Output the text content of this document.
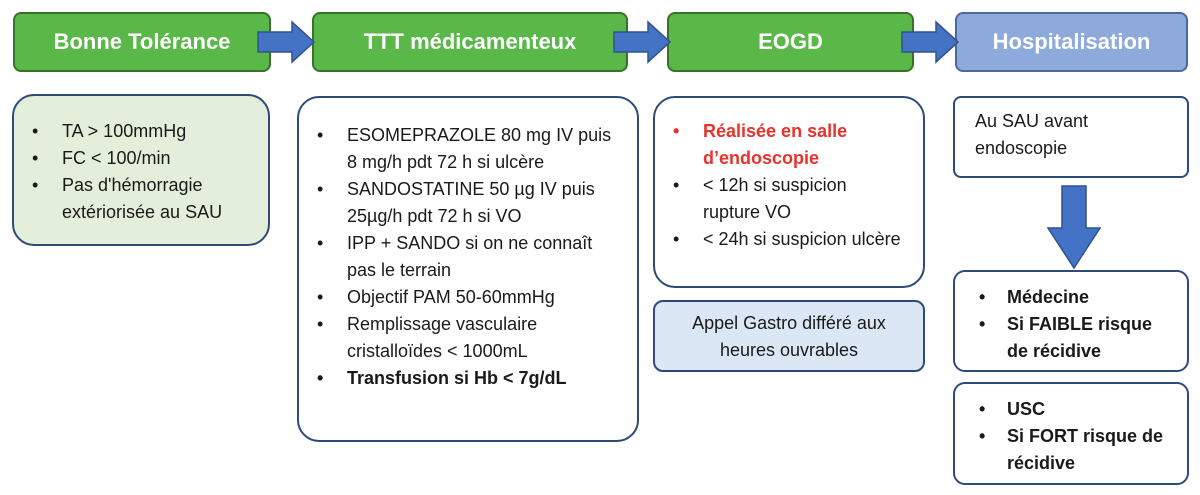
Bonne Tolérance	TTT médicamenteux	EOGD	Hospitalisation
• TA > 100mmHg
• FC < 100/min
• Pas d'hémorragie extériorisée au SAU
• ESOMEPRAZOLE 80 mg IV puis 8 mg/h pdt 72 h si ulcère
• SANDOSTATINE 50 µg IV puis 25µg/h pdt 72 h si VO
• IPP + SANDO si on ne connaît pas le terrain
• Objectif PAM 50-60mmHg
• Remplissage vasculaire cristalloïdes < 1000mL
• Transfusion si Hb < 7g/dL
• Réalisée en salle d’endoscopie
• < 12h si suspicion rupture VO
• < 24h si suspicion ulcère
Appel Gastro différé aux heures ouvrables
Au SAU avant endoscopie
• Médecine
• Si FAIBLE risque de récidive
• USC
• Si FORT risque de récidive
